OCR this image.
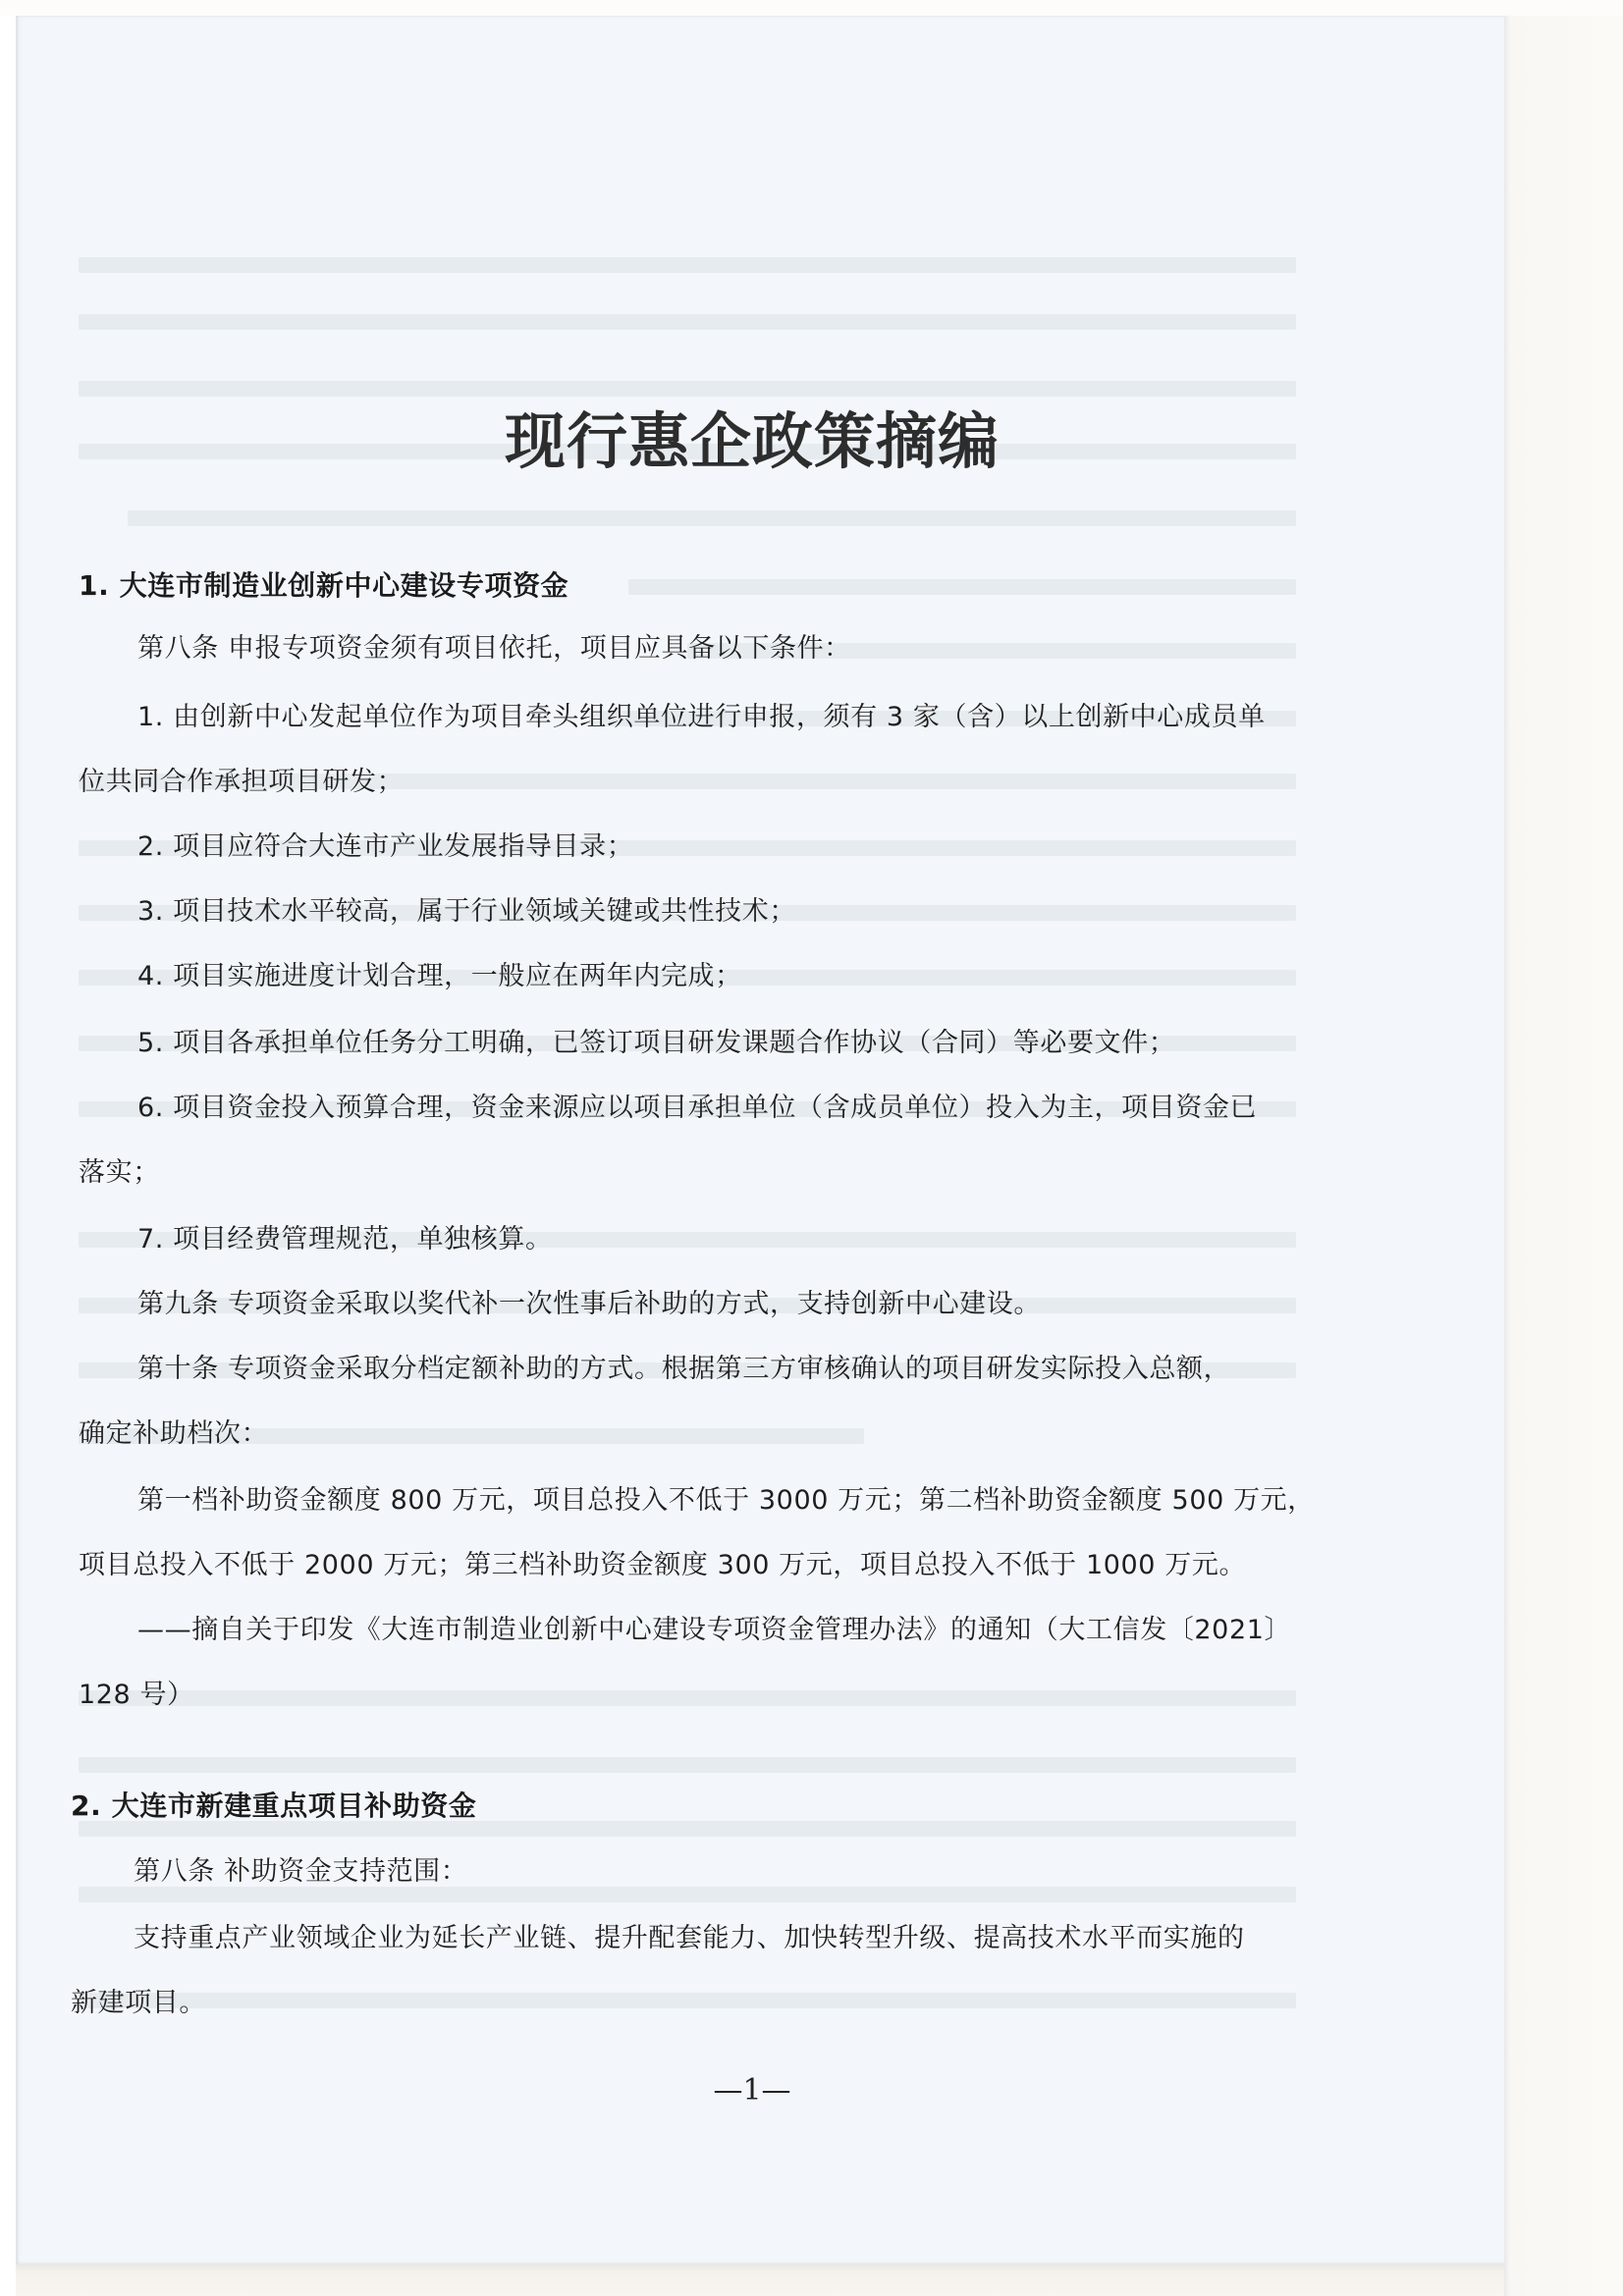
现行惠企政策摘编
1. 大连市制造业创新中心建设专项资金
第八条 申报专项资金须有项目依托，项目应具备以下条件：
1. 由创新中心发起单位作为项目牵头组织单位进行申报，须有 3 家（含）以上创新中心成员单
位共同合作承担项目研发；
2. 项目应符合大连市产业发展指导目录；
3. 项目技术水平较高，属于行业领域关键或共性技术；
4. 项目实施进度计划合理，一般应在两年内完成；
5. 项目各承担单位任务分工明确，已签订项目研发课题合作协议（合同）等必要文件；
6. 项目资金投入预算合理，资金来源应以项目承担单位（含成员单位）投入为主，项目资金已
落实；
7. 项目经费管理规范，单独核算。
第九条 专项资金采取以奖代补一次性事后补助的方式，支持创新中心建设。
第十条 专项资金采取分档定额补助的方式。根据第三方审核确认的项目研发实际投入总额，
确定补助档次：
第一档补助资金额度 800 万元，项目总投入不低于 3000 万元；第二档补助资金额度 500 万元，
项目总投入不低于 2000 万元；第三档补助资金额度 300 万元，项目总投入不低于 1000 万元。
——摘自关于印发《大连市制造业创新中心建设专项资金管理办法》的通知（大工信发〔2021〕
128 号）
2. 大连市新建重点项目补助资金
第八条 补助资金支持范围：
支持重点产业领域企业为延长产业链、提升配套能力、加快转型升级、提高技术水平而实施的
新建项目。
—1—
